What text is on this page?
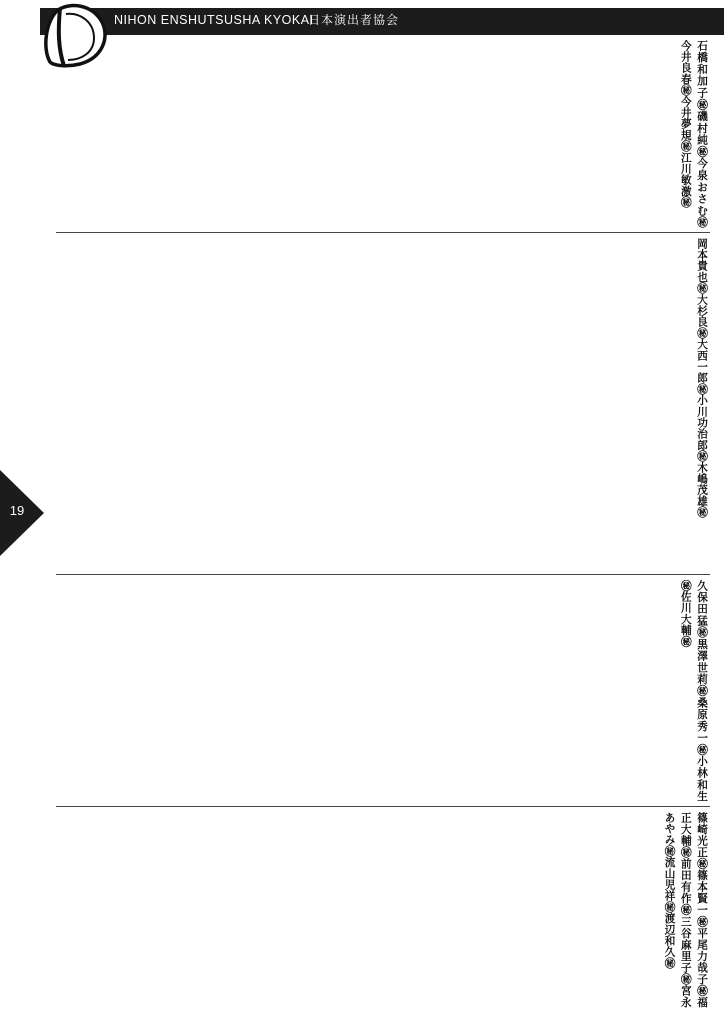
NIHON ENSHUTSUSHA KYOKAI
日本演出者協会
19
石橋和加子㊙磯村純㊙今泉おさむ㊙今井良春㊙今井夢規㊙江川敏激㊙
岡本貴也㊙大杉良㊙大西一郎㊙小川功治郎㊙木嶋茂雄㊙
久保田猛㊙黒澤世莉㊙桑原秀一㊙小林和生㊙佐川大輔㊙
篠崎光正㊙篠本賢一㊙平尾力哉子㊙福正大輔㊙前田有作㊙三谷麻里子㊙宮永あやみ㊙流山児祥㊙渡辺和久㊙
